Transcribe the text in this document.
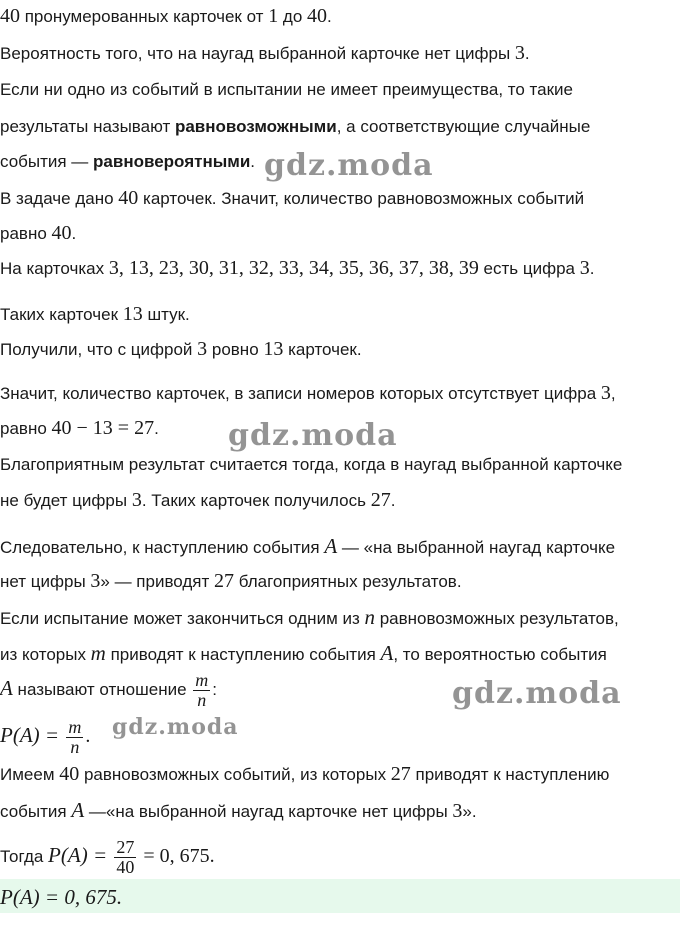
40 пронумерованных карточек от 1 до 40.
Вероятность того, что на наугад выбранной карточке нет цифры 3.
Если ни одно из событий в испытании не имеет преимущества, то такие
результаты называют равновозможными, а соответствующие случайные
события — равновероятными.
В задаче дано 40 карточек. Значит, количество равновозможных событий
равно 40.
На карточках 3, 13, 23, 30, 31, 32, 33, 34, 35, 36, 37, 38, 39 есть цифра 3.
Таких карточек 13 штук.
Получили, что с цифрой 3 ровно 13 карточек.
Значит, количество карточек, в записи номеров которых отсутствует цифра 3,
равно 40 − 13 = 27.
Благоприятным результат считается тогда, когда в наугад выбранной карточке
не будет цифры 3. Таких карточек получилось 27.
Следовательно, к наступлению события A — «на выбранной наугад карточке
нет цифры 3» — приводят 27 благоприятных результатов.
Если испытание может закончиться одним из n равновозможных результатов,
из которых m приводят к наступлению события A, то вероятностью события
A называют отношение $\frac{m}{n}$ :
$P(A) = \frac{m}{n}$ .
Имеем 40 равновозможных событий, из которых 27 приводят к наступлению
события A —«на выбранной наугад карточке нет цифры 3».
Тогда $P(A) = \frac{27}{40} = 0$, 675.
P(A) = 0, 675.
gdz.moda
gdz.moda
gdz.moda
gdz.moda
